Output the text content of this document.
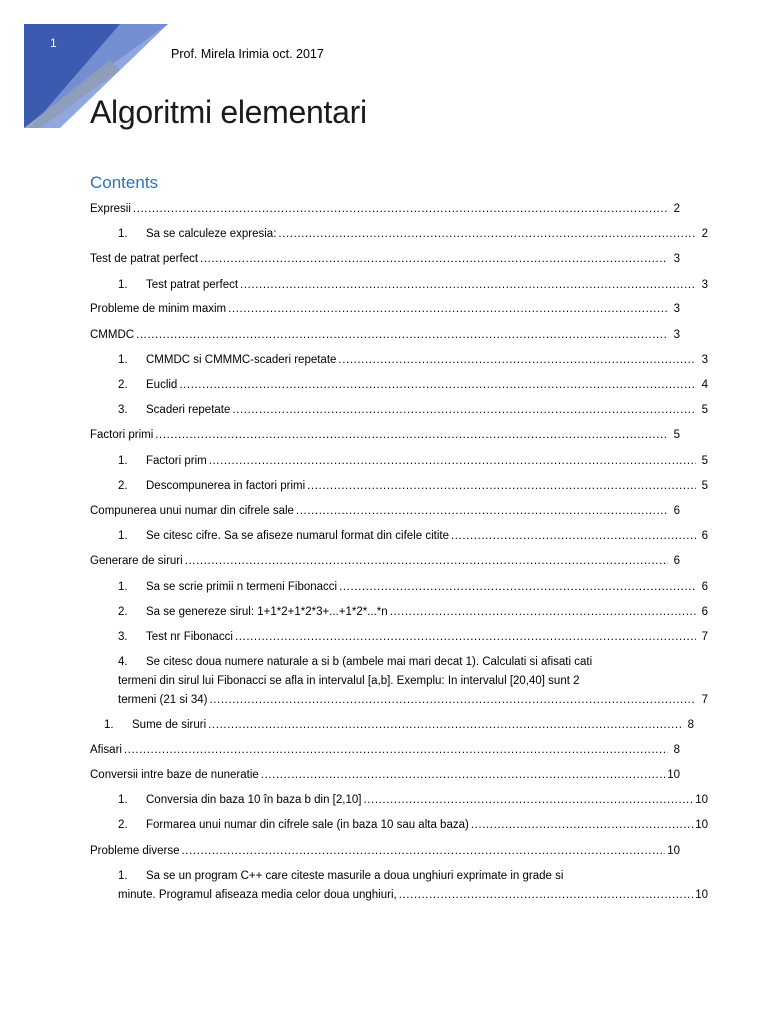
1
Prof. Mirela Irimia oct. 2017
Algoritmi elementari
Contents
Expresii .....	2
1.	Sa se calculeze expresia: .....	2
Test de patrat perfect .....	3
1.	Test patrat perfect .....	3
Probleme de minim maxim .....	3
CMMDC .....	3
1.	CMMDC si CMMMC-scaderi repetate .....	3
2.	Euclid .....	4
3.	Scaderi repetate .....	5
Factori primi .....	5
1.	Factori prim .....	5
2.	Descompunerea in factori primi .....	5
Compunerea unui numar din cifrele sale .....	6
1.	Se citesc cifre. Sa se afiseze numarul format din cifele citite .....	6
Generare de siruri .....	6
1.	Sa se scrie primii n termeni Fibonacci .....	6
2.	Sa se genereze sirul: 1+1*2+1*2*3+...+1*2*...*n .....	6
3.	Test nr Fibonacci .....	7
4.	Se citesc doua numere naturale a si b (ambele mai mari decat 1). Calculati si afisati cati
termeni din sirul lui Fibonacci se afla in intervalul [a,b]. Exemplu: In intervalul [20,40] sunt 2
termeni (21 si 34) .....	7
1.	Sume de siruri .....	8
Afisari .....	8
Conversii intre baze de nuneratie .....	10
1.	Conversia din baza 10 în baza b din [2,10] .....	10
2.	Formarea unui numar din cifrele sale (in baza 10 sau alta baza) .....	10
Probleme diverse .....	10
1.	Sa se un program C++ care citeste masurile a doua unghiuri exprimate in grade si
minute. Programul afiseaza media celor doua unghiuri, .....	10
